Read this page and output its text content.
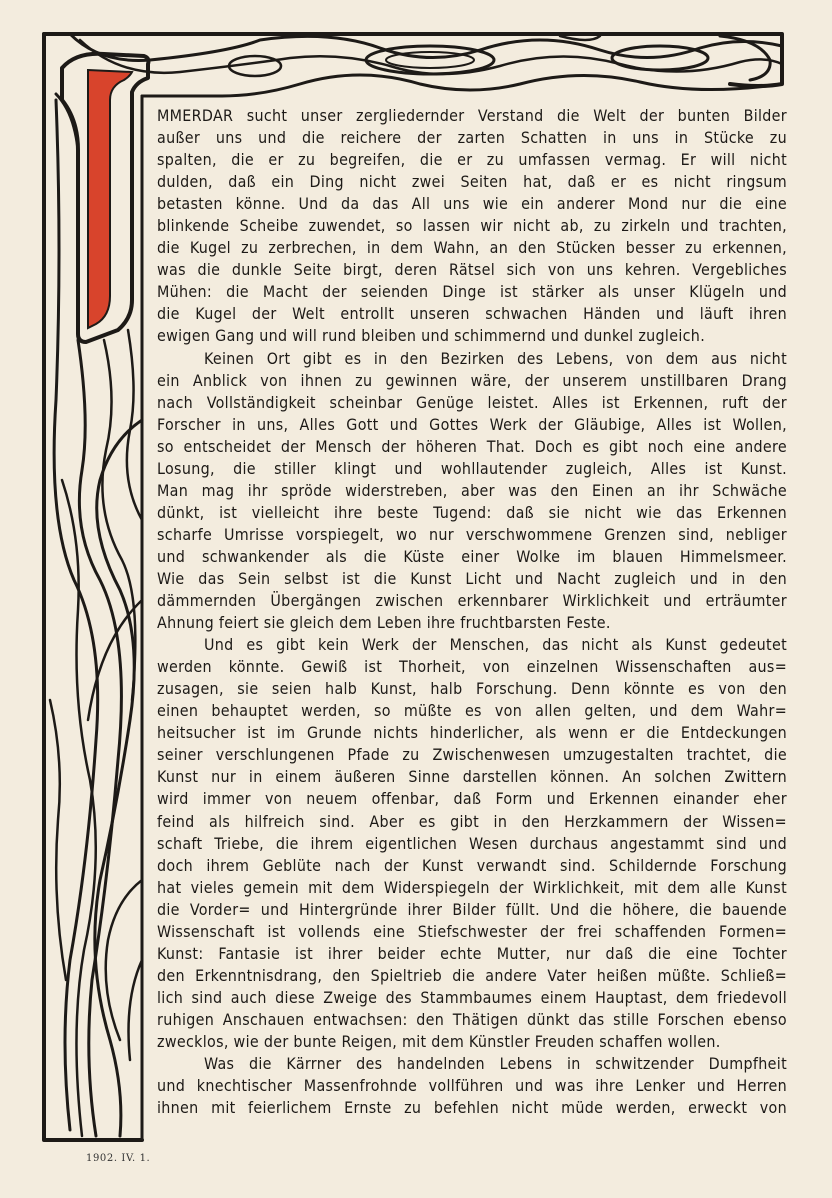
MMERDAR sucht unser zergliedernder Verstand die Welt der bunten Bilder
außer uns und die reichere der zarten Schatten in uns in Stücke zu
spalten, die er zu begreifen, die er zu umfassen vermag. Er will nicht
dulden, daß ein Ding nicht zwei Seiten hat, daß er es nicht ringsum
betasten könne. Und da das All uns wie ein anderer Mond nur die eine
blinkende Scheibe zuwendet, so lassen wir nicht ab, zu zirkeln und trachten,
die Kugel zu zerbrechen, in dem Wahn, an den Stücken besser zu erkennen,
was die dunkle Seite birgt, deren Rätsel sich von uns kehren. Vergebliches
Mühen: die Macht der seienden Dinge ist stärker als unser Klügeln und
die Kugel der Welt entrollt unseren schwachen Händen und läuft ihren
ewigen Gang und will rund bleiben und schimmernd und dunkel zugleich.
Keinen Ort gibt es in den Bezirken des Lebens, von dem aus nicht
ein Anblick von ihnen zu gewinnen wäre, der unserem unstillbaren Drang
nach Vollständigkeit scheinbar Genüge leistet. Alles ist Erkennen, ruft der
Forscher in uns, Alles Gott und Gottes Werk der Gläubige, Alles ist Wollen,
so entscheidet der Mensch der höheren That. Doch es gibt noch eine andere
Losung, die stiller klingt und wohllautender zugleich, Alles ist Kunst.
Man mag ihr spröde widerstreben, aber was den Einen an ihr Schwäche
dünkt, ist vielleicht ihre beste Tugend: daß sie nicht wie das Erkennen
scharfe Umrisse vorspiegelt, wo nur verschwommene Grenzen sind, nebliger
und schwankender als die Küste einer Wolke im blauen Himmelsmeer.
Wie das Sein selbst ist die Kunst Licht und Nacht zugleich und in den
dämmernden Übergängen zwischen erkennbarer Wirklichkeit und erträumter
Ahnung feiert sie gleich dem Leben ihre fruchtbarsten Feste.
Und es gibt kein Werk der Menschen, das nicht als Kunst gedeutet
werden könnte. Gewiß ist Thorheit, von einzelnen Wissenschaften aus=
zusagen, sie seien halb Kunst, halb Forschung. Denn könnte es von den
einen behauptet werden, so müßte es von allen gelten, und dem Wahr=
heitsucher ist im Grunde nichts hinderlicher, als wenn er die Entdeckungen
seiner verschlungenen Pfade zu Zwischenwesen umzugestalten trachtet, die
Kunst nur in einem äußeren Sinne darstellen können. An solchen Zwittern
wird immer von neuem offenbar, daß Form und Erkennen einander eher
feind als hilfreich sind. Aber es gibt in den Herzkammern der Wissen=
schaft Triebe, die ihrem eigentlichen Wesen durchaus angestammt sind und
doch ihrem Geblüte nach der Kunst verwandt sind. Schildernde Forschung
hat vieles gemein mit dem Widerspiegeln der Wirklichkeit, mit dem alle Kunst
die Vorder= und Hintergründe ihrer Bilder füllt. Und die höhere, die bauende
Wissenschaft ist vollends eine Stiefschwester der frei schaffenden Formen=
Kunst: Fantasie ist ihrer beider echte Mutter, nur daß die eine Tochter
den Erkenntnisdrang, den Spieltrieb die andere Vater heißen müßte. Schließ=
lich sind auch diese Zweige des Stammbaumes einem Hauptast, dem friedevoll
ruhigen Anschauen entwachsen: den Thätigen dünkt das stille Forschen ebenso
zwecklos, wie der bunte Reigen, mit dem Künstler Freuden schaffen wollen.
Was die Kärrner des handelnden Lebens in schwitzender Dumpfheit
und knechtischer Massenfrohnde vollführen und was ihre Lenker und Herren
ihnen mit feierlichem Ernste zu befehlen nicht müde werden, erweckt von
1902. IV. 1.
